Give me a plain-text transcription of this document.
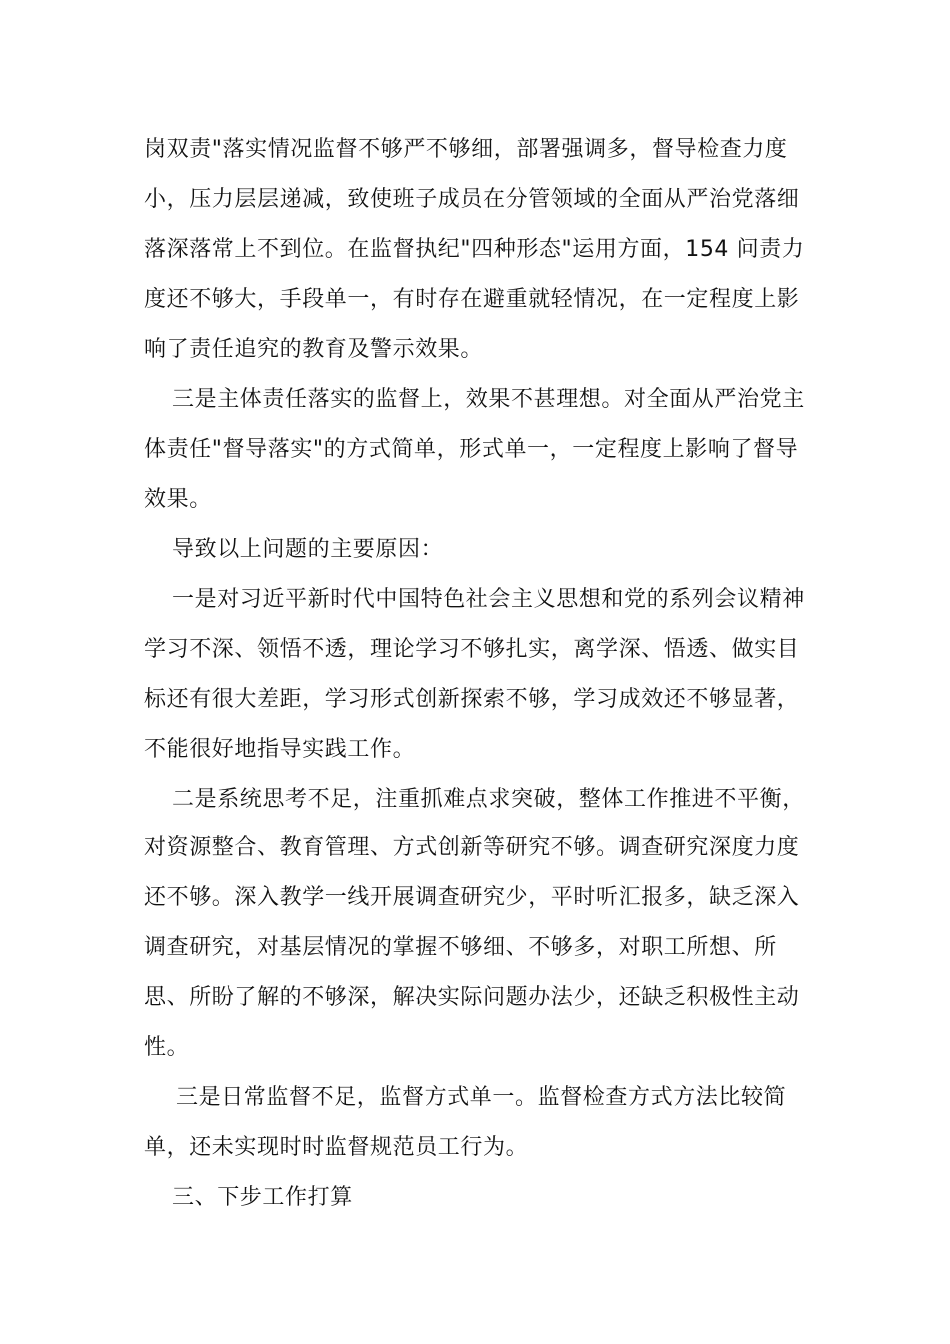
岗双责"落实情况监督不够严不够细，部署强调多，督导检查力度
小，压力层层递减，致使班子成员在分管领域的全面从严治党落细
落深落常上不到位。在监督执纪"四种形态"运用方面，154 问责力
度还不够大，手段单一，有时存在避重就轻情况，在一定程度上影
响了责任追究的教育及警示效果。
三是主体责任落实的监督上，效果不甚理想。对全面从严治党主
体责任"督导落实"的方式简单，形式单一，一定程度上影响了督导
效果。
导致以上问题的主要原因：
一是对习近平新时代中国特色社会主义思想和党的系列会议精神
学习不深、领悟不透，理论学习不够扎实，离学深、悟透、做实目
标还有很大差距，学习形式创新探索不够，学习成效还不够显著，
不能很好地指导实践工作。
二是系统思考不足，注重抓难点求突破，整体工作推进不平衡，
对资源整合、教育管理、方式创新等研究不够。调查研究深度力度
还不够。深入教学一线开展调查研究少，平时听汇报多，缺乏深入
调查研究，对基层情况的掌握不够细、不够多，对职工所想、所
思、所盼了解的不够深，解决实际问题办法少，还缺乏积极性主动
性。
三是日常监督不足，监督方式单一。监督检查方式方法比较简
单，还未实现时时监督规范员工行为。
三、下步工作打算
